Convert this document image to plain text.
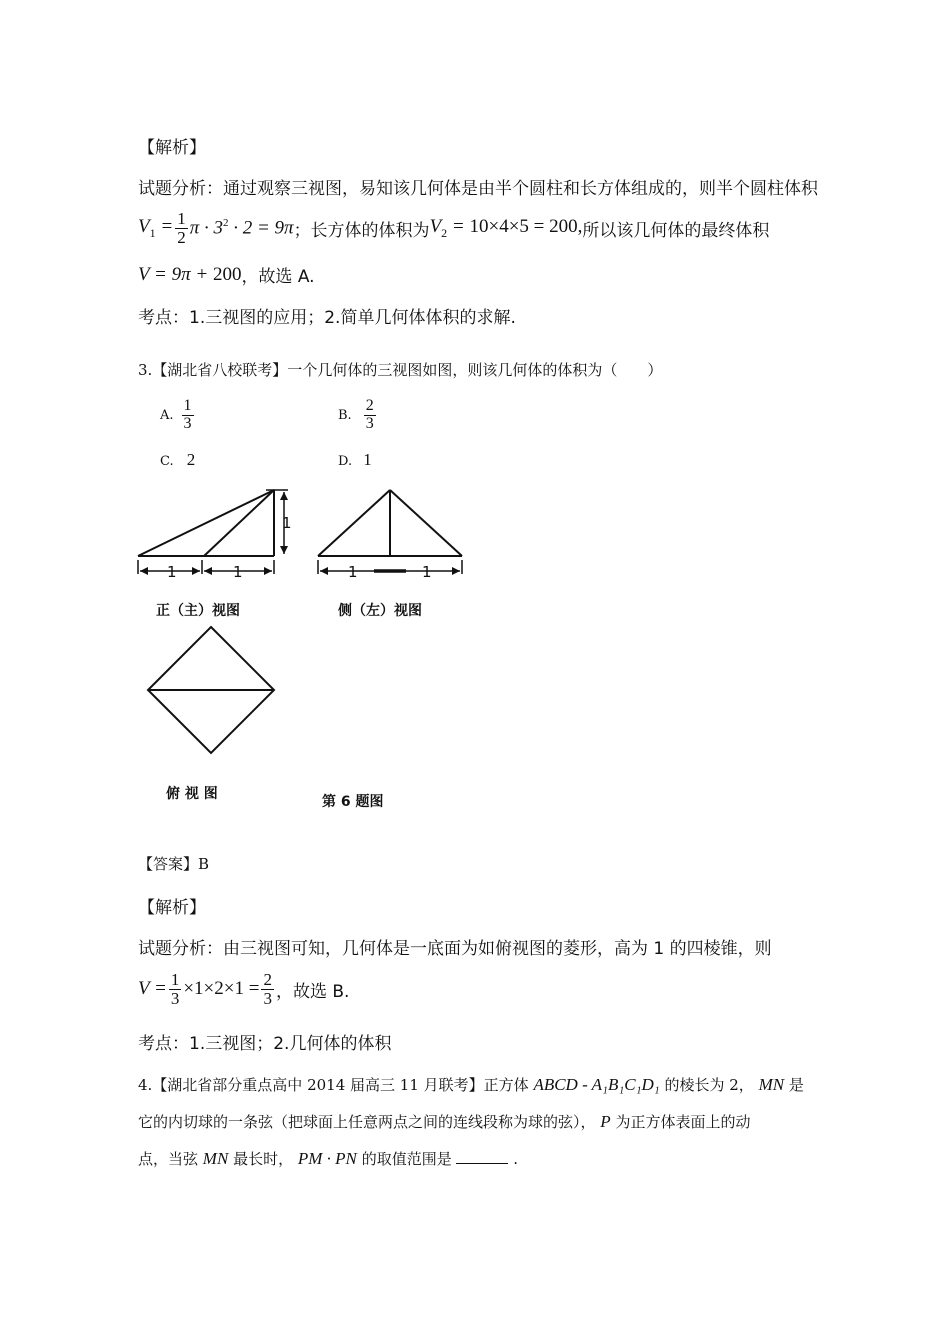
【解析】
试题分析：通过观察三视图，易知该几何体是由半个圆柱和长方体组成的，则半个圆柱体积
$V_1 = \frac{1}{2}$ $\pi \cdot 3^2 \cdot 2 = 9\pi$ ；长方体的体积为 $V_2 = 10\times 4\times 5 = 200$, 所以该几何体的最终体积
V = 9π + 200 ，故选 A.
考点：1.三视图的应用；2.简单几何体体积的求解.
3.【湖北省八校联考】一个几何体的三视图如图，则该几何体的体积为（　　）
A. $\frac{1}{3}$	B. $\frac{2}{3}$
C. 2	D. 1
1	1
1
1	1
正（主）视图	侧（左）视图
俯 视 图	第 6 题图
【答案】B
【解析】
试题分析：由三视图可知，几何体是一底面为如俯视图的菱形，高为 1 的四棱锥，则
$V = \frac{1}{3} \times 1\times 2\times 1 = \frac{2}{3}$ ，故选 B.
考点：1.三视图；2.几何体的体积
4.【湖北省部分重点高中 2014 届高三 11 月联考】正方体 ABCD - A₁B₁C₁D₁ 的棱长为 2， MN 是
它的内切球的一条弦（把球面上任意两点之间的连线段称为球的弦）， P 为正方体表面上的动
点，当弦 MN 最长时， PM · PN 的取值范围是	.
